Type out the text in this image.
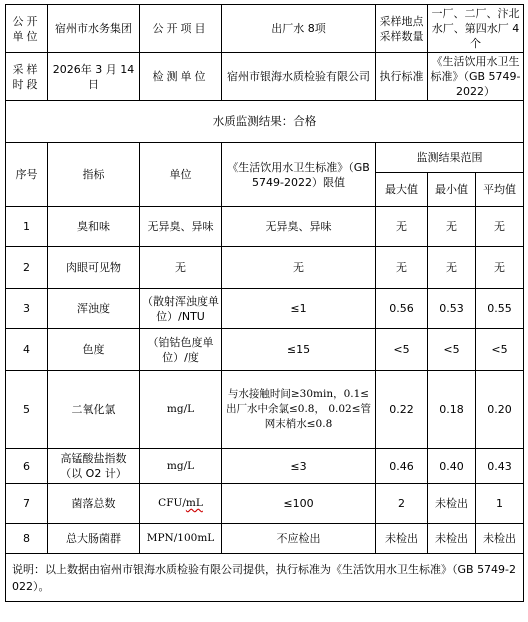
公开单位	宿州市水务集团	公开项目	出厂水 8项	采样地点采样数量	一厂、二厂、汴北水厂、第四水厂 4 个	
采样时段	2026年 3 月 14日	检测单位	宿州市银海水质检验有限公司	执行标准	《生活饮用水卫生标准》（GB 5749-2022）	
水质监测结果：合格						
序号	指标	单位	《生活饮用水卫生标准》（GB 5749-2022）限值	监测结果范围		
				最大值	最小值	平均值
1	臭和味	无异臭、异味	无异臭、异味	无	无	无
2	肉眼可见物	无	无	无	无	无
3	浑浊度	（散射浑浊度单位）/NTU	≤1	0.56	0.53	0.55
4	色度	（铂钴色度单位）/度	≤15	<5	<5	<5
5	二氧化氯	mg/L	与水接触时间≥30min，0.1≤出厂水中余氯≤0.8， 0.02≤管网末梢水≤0.8	0.22	0.18	0.20
6	高锰酸盐指数（以 O2 计）	mg/L	≤3	0.46	0.40	0.43
7	菌落总数	CFU/mL	≤100	2	未检出	1
8	总大肠菌群	MPN/100mL	不应检出	未检出	未检出	未检出
说明：以上数据由宿州市银海水质检验有限公司提供，执行标准为《生活饮用水卫生标准》（GB 5749-2022）。						
